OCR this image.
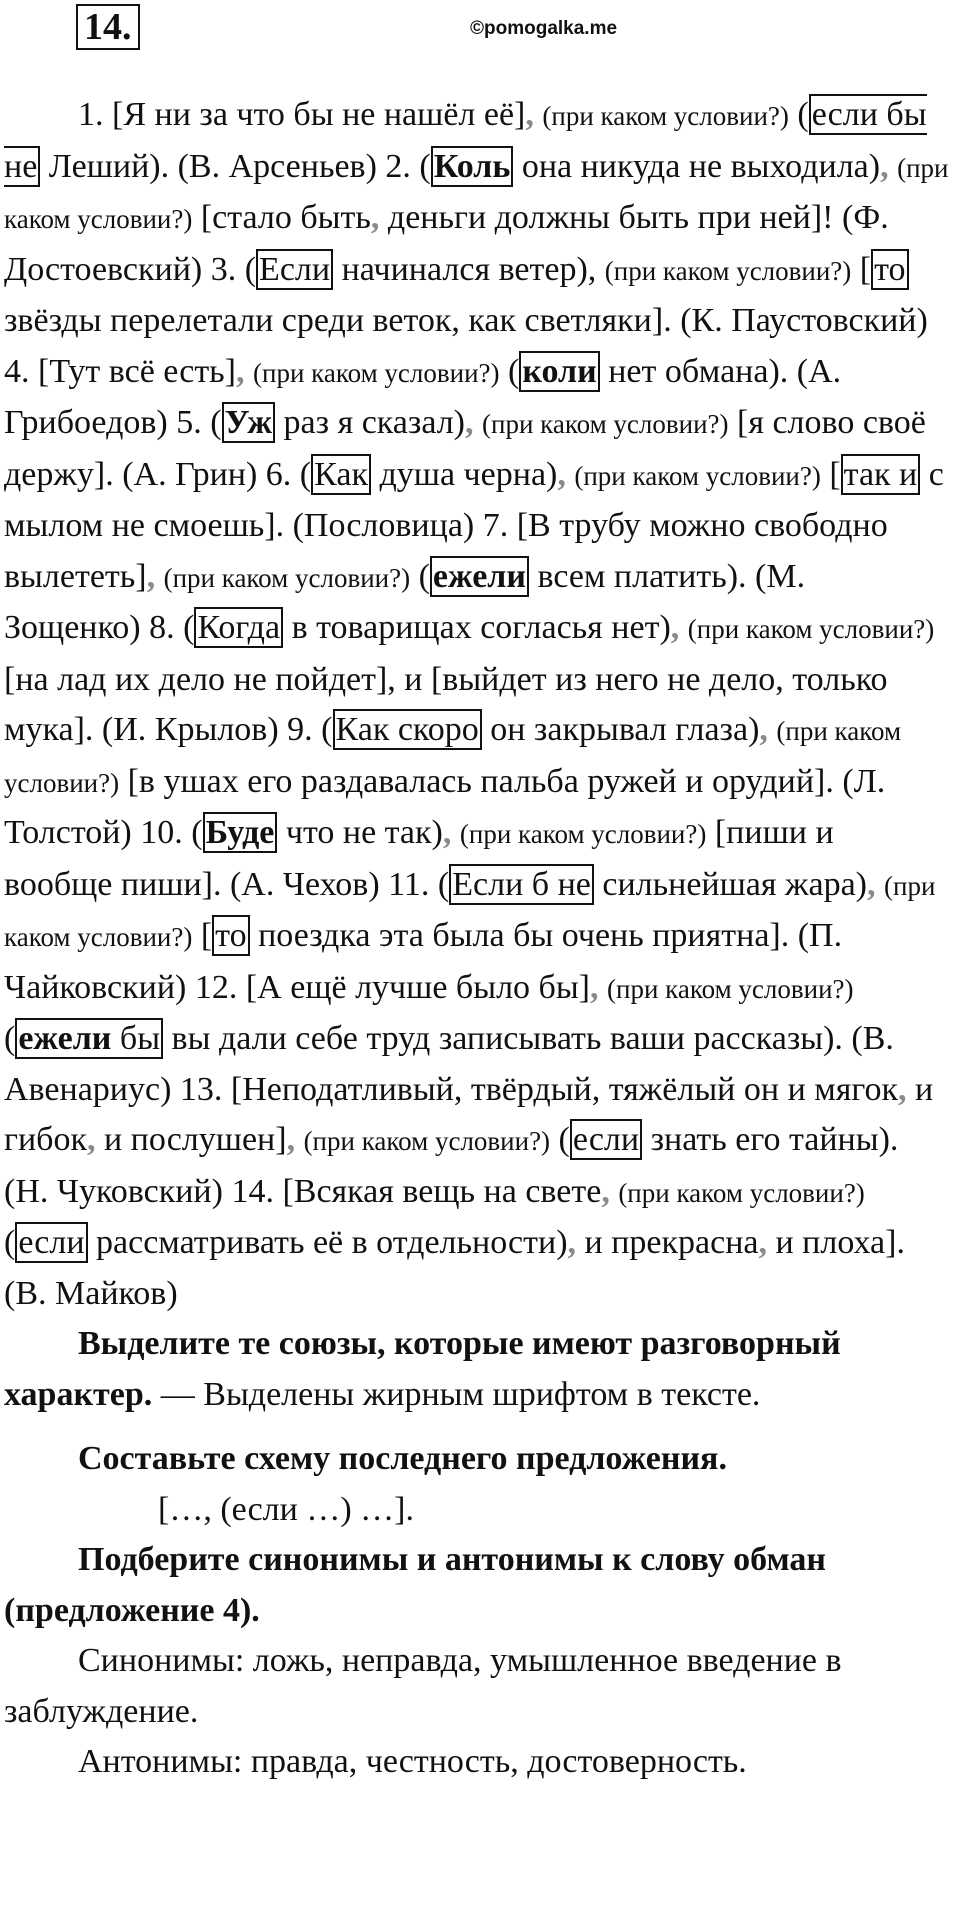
14.	©pomogalka.me

1. [Я ни за что бы не нашёл её], (при каком условии?) (если бы не Леший). (В. Арсеньев) 2. (Коль она никуда не выходила), (при каком условии?) [стало быть, деньги должны быть при ней]! (Ф. Достоевский) 3. (Если начинался ветер), (при каком условии?) [то звёзды перелетали среди веток, как светляки]. (К. Паустовский) 4. [Тут всё есть], (при каком условии?) (коли нет обмана). (А. Грибоедов) 5. (Уж раз я сказал), (при каком условии?) [я слово своё держу]. (А. Грин) 6. (Как душа черна), (при каком условии?) [так и с мылом не смоешь]. (Пословица) 7. [В трубу можно свободно вылететь], (при каком условии?) (ежели всем платить). (М. Зощенко) 8. (Когда в товарищах согласья нет), (при каком условии?) [на лад их дело не пойдет], и [выйдет из него не дело, только мука]. (И. Крылов) 9. (Как скоро он закрывал глаза), (при каком условии?) [в ушах его раздавалась пальба ружей и орудий]. (Л. Толстой) 10. (Буде что не так), (при каком условии?) [пиши и вообще пиши]. (А. Чехов) 11. (Если б не сильнейшая жара), (при каком условии?) [то поездка эта была бы очень приятна]. (П. Чайковский) 12. [А ещё лучше было бы], (при каком условии?) (ежели бы вы дали себе труд записывать ваши рассказы). (В. Авенариус) 13. [Неподатливый, твёрдый, тяжёлый он и мягок, и гибок, и послушен], (при каком условии?) (если знать его тайны). (Н. Чуковский) 14. [Всякая вещь на свете, (при каком условии?) (если рассматривать её в отдельности), и прекрасна, и плоха]. (В. Майков)

Выделите те союзы, которые имеют разговорный характер. — Выделены жирным шрифтом в тексте.

Составьте схему последнего предложения.

[…, (если …) …].

Подберите синонимы и антонимы к слову обман (предложение 4).

Синонимы: ложь, неправда, умышленное введение в заблуждение.

Антонимы: правда, честность, достоверность.
